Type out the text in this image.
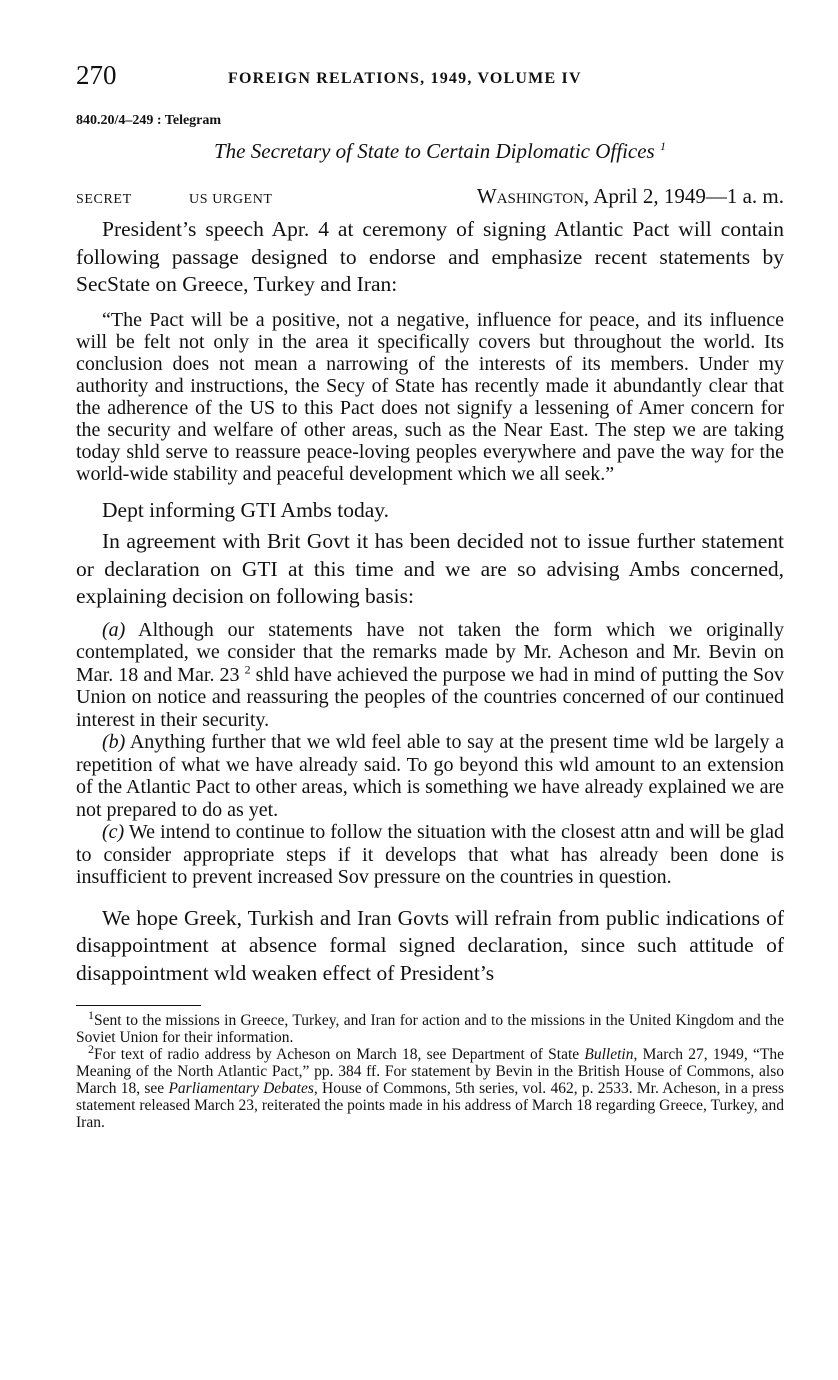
270	FOREIGN RELATIONS, 1949, VOLUME IV
840.20/4–249 : Telegram
The Secretary of State to Certain Diplomatic Offices $^1$
SECRET	US URGENT	Washington, April 2, 1949—1 a. m.

President’s speech Apr. 4 at ceremony of signing Atlantic Pact will contain following passage designed to endorse and emphasize recent statements by SecState on Greece, Turkey and Iran:

“The Pact will be a positive, not a negative, influence for peace, and its influence will be felt not only in the area it specifically covers but throughout the world. Its conclusion does not mean a narrowing of the interests of its members. Under my authority and instructions, the Secy of State has recently made it abundantly clear that the adherence of the US to this Pact does not signify a lessening of Amer concern for the security and welfare of other areas, such as the Near East. The step we are taking today shld serve to reassure peace-loving peoples everywhere and pave the way for the world-wide stability and peaceful development which we all seek.”

Dept informing GTI Ambs today.

In agreement with Brit Govt it has been decided not to issue further statement or declaration on GTI at this time and we are so advising Ambs concerned, explaining decision on following basis:

(a) Although our statements have not taken the form which we originally contemplated, we consider that the remarks made by Mr. Acheson and Mr. Bevin on Mar. 18 and Mar. 23 $^2$ shld have achieved the purpose we had in mind of putting the Sov Union on notice and reassuring the peoples of the countries concerned of our continued interest in their security.

(b) Anything further that we wld feel able to say at the present time wld be largely a repetition of what we have already said. To go beyond this wld amount to an extension of the Atlantic Pact to other areas, which is something we have already explained we are not prepared to do as yet.

(c) We intend to continue to follow the situation with the closest attn and will be glad to consider appropriate steps if it develops that what has already been done is insufficient to prevent increased Sov pressure on the countries in question.

We hope Greek, Turkish and Iran Govts will refrain from public indications of disappointment at absence formal signed declaration, since such attitude of disappointment wld weaken effect of President’s

$^1$Sent to the missions in Greece, Turkey, and Iran for action and to the missions in the United Kingdom and the Soviet Union for their information.

$^2$For text of radio address by Acheson on March 18, see Department of State Bulletin, March 27, 1949, “The Meaning of the North Atlantic Pact,” pp. 384 ff. For statement by Bevin in the British House of Commons, also March 18, see Parliamentary Debates, House of Commons, 5th series, vol. 462, p. 2533. Mr. Acheson, in a press statement released March 23, reiterated the points made in his address of March 18 regarding Greece, Turkey, and Iran.
